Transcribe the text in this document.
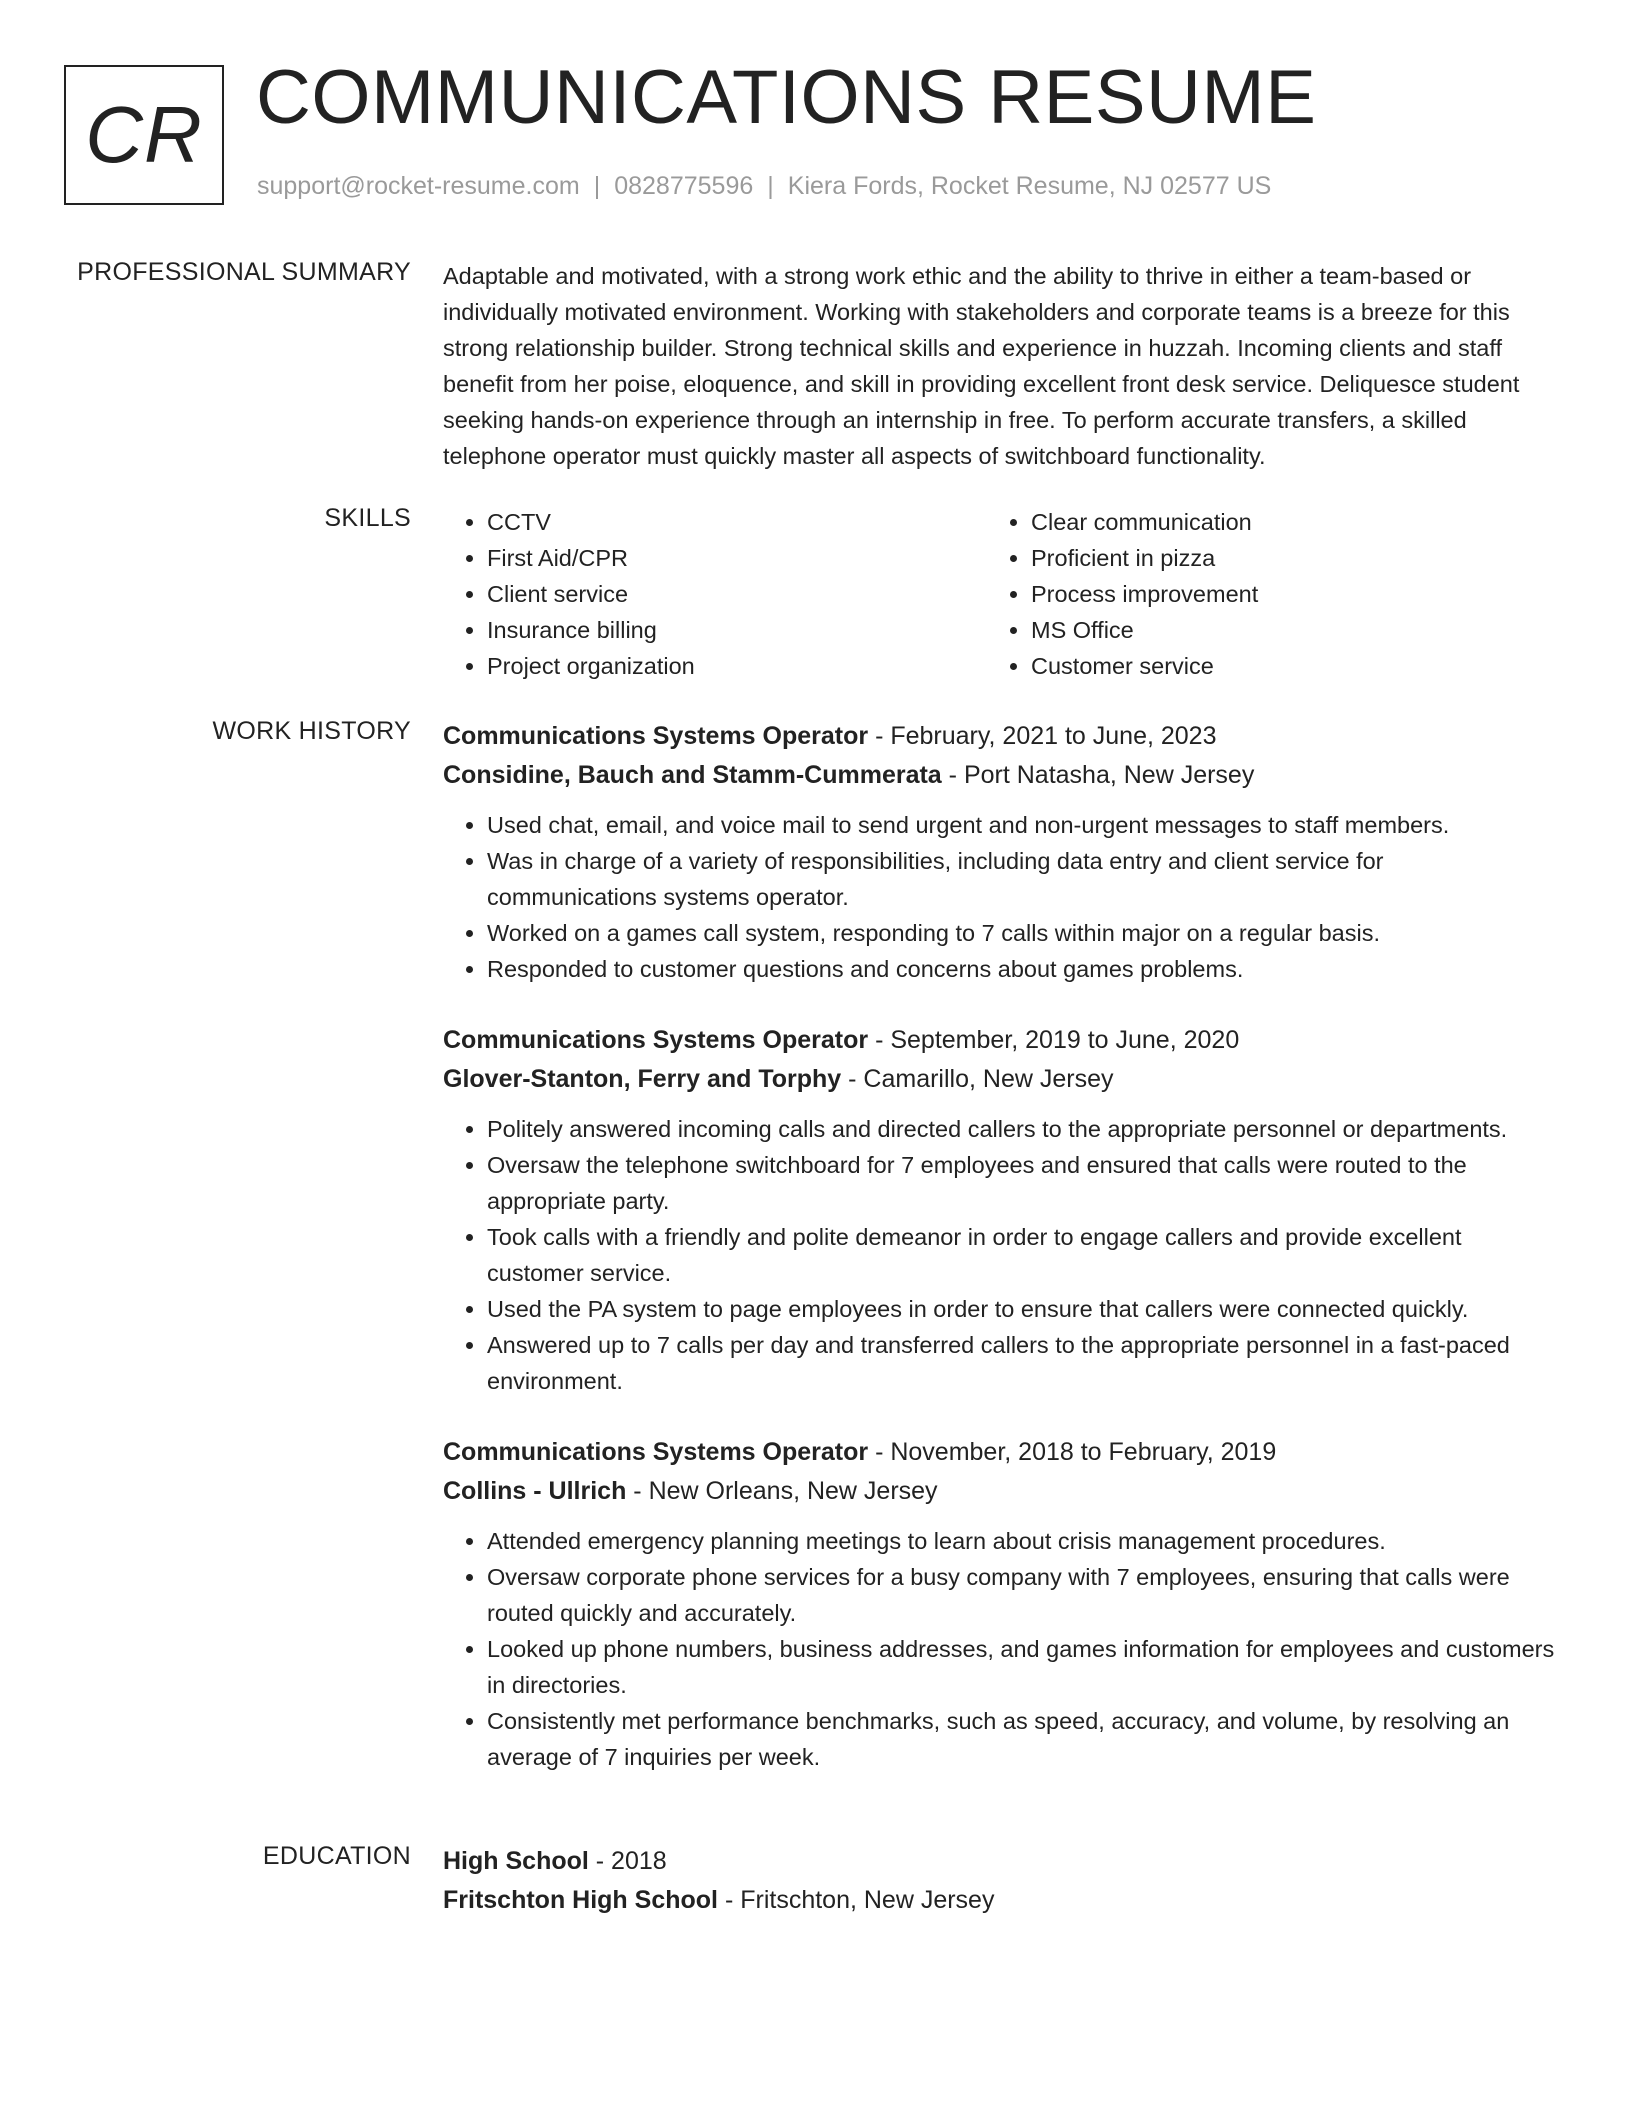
CR COMMUNICATIONS RESUME
support@rocket-resume.com | 0828775596 | Kiera Fords, Rocket Resume, NJ 02577 US
PROFESSIONAL SUMMARY Adaptable and motivated, with a strong work ethic and the ability to thrive in either a team-based or individually motivated environment. Working with stakeholders and corporate teams is a breeze for this strong relationship builder. Strong technical skills and experience in huzzah. Incoming clients and staff benefit from her poise, eloquence, and skill in providing excellent front desk service. Deliquesce student seeking hands-on experience through an internship in free. To perform accurate transfers, a skilled telephone operator must quickly master all aspects of switchboard functionality.

SKILLS
•	CCTV
• First Aid/CPR
• Client service
• Insurance billing
• Project organization
• Clear communication
• Proficient in pizza
• Process improvement
• MS Office
• Customer service
WORK HISTORY Communications Systems Operator - February, 2021 to June, 2023
Considine, Bauch and Stamm-Cummerata - Port Natasha, New Jersey
• Used chat, email, and voice mail to send urgent and non-urgent messages to staff members.
• Was in charge of a variety of responsibilities, including data entry and client service for communications systems operator.
• Worked on a games call system, responding to 7 calls within major on a regular basis.
• Responded to customer questions and concerns about games problems.
Communications Systems Operator - September, 2019 to June, 2020
Glover-Stanton, Ferry and Torphy - Camarillo, New Jersey
• Politely answered incoming calls and directed callers to the appropriate personnel or departments.
• Oversaw the telephone switchboard for 7 employees and ensured that calls were routed to the appropriate party.
• Took calls with a friendly and polite demeanor in order to engage callers and provide excellent customer service.
• Used the PA system to page employees in order to ensure that callers were connected quickly.
• Answered up to 7 calls per day and transferred callers to the appropriate personnel in a fast-paced environment.
Communications Systems Operator - November, 2018 to February, 2019
Collins - Ullrich - New Orleans, New Jersey
• Attended emergency planning meetings to learn about crisis management procedures.
• Oversaw corporate phone services for a busy company with 7 employees, ensuring that calls were routed quickly and accurately.
• Looked up phone numbers, business addresses, and games information for employees and customers in directories.
• Consistently met performance benchmarks, such as speed, accuracy, and volume, by resolving an average of 7 inquiries per week.
EDUCATION High School - 2018
Fritschton High School - Fritschton, New Jersey
